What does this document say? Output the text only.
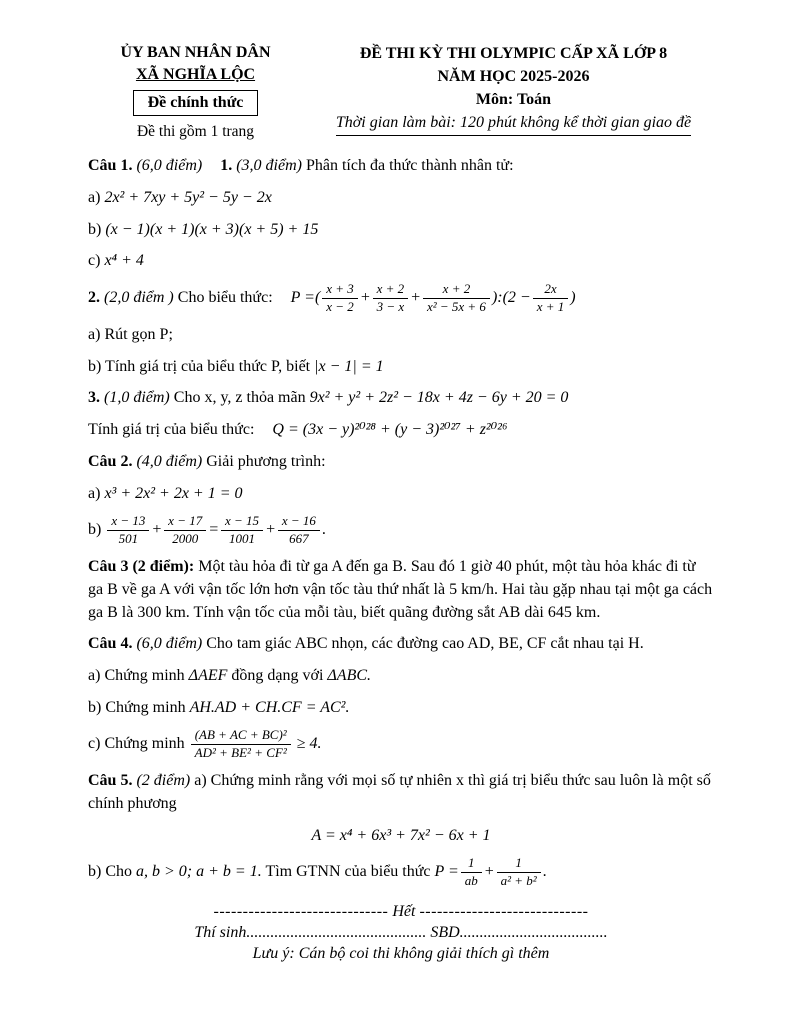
ỦY BAN NHÂN DÂN
XÃ NGHĨA LỘC
Đề chính thức
Đề thi gồm 1 trang
ĐỀ THI KỲ THI OLYMPIC CẤP XÃ LỚP 8
NĂM HỌC 2025-2026
Môn: Toán
Thời gian làm bài: 120 phút không kể thời gian giao đề

Câu 1. (6,0 điểm) 1. (3,0 điểm) Phân tích đa thức thành nhân tử:

a) 2x² + 7xy + 5y² − 5y − 2x

b) (x − 1)(x + 1)(x + 3)(x + 5) + 15

c) x⁴ + 4

2. (2,0 điểm ) Cho biểu thức: P =( $\frac{x + 3}{x - 2} + \frac{x + 2}{3 - x} + \frac{x + 2}{\text{x² − 5x + 6}}$ ):(2 − $\frac{2x}{x + 1}$ )

a) Rút gọn P;

b) Tính giá trị của biểu thức P, biết |x − 1| = 1

3. (1,0 điểm) Cho x, y, z thỏa mãn 9x² + y² + 2z² − 18x + 4z − 6y + 20 = 0

Tính giá trị của biểu thức: Q = (3x − y)²⁰²⁸ + (y − 3)²⁰²⁷ + z²⁰²⁶

Câu 2. (4,0 điểm) Giải phương trình:

a) x³ + 2x² + 2x + 1 = 0

$b) \frac{x - 13}{501} + \frac{x - 17}{2000} = \frac{x - 15}{1001} + \frac{x - 16}{667}$ .

Câu 3 (2 điểm): Một tàu hỏa đi từ ga A đến ga B. Sau đó 1 giờ 40 phút, một tàu hỏa khác đi từ ga B về ga A với vận tốc lớn hơn vận tốc tàu thứ nhất là 5 km/h. Hai tàu gặp nhau tại một ga cách ga B là 300 km. Tính vận tốc của mỗi tàu, biết quãng đường sắt AB dài 645 km.

Câu 4. (6,0 điểm) Cho tam giác ABC nhọn, các đường cao AD, BE, CF cắt nhau tại H.

a) Chứng minh ΔAEF đồng dạng với ΔABC.

b) Chứng minh AH.AD + CH.CF = AC².

c) Chứng minh $\frac{\text{(AB + AC + BC)²}}{\text{AD² + BE² + CF²}} \ge 4$.

Câu 5. (2 điểm) a) Chứng minh rằng với mọi số tự nhiên x thì giá trị biểu thức sau luôn là một số chính phương

A = x⁴ + 6x³ + 7x² − 6x + 1

b) Cho a, b > 0; a + b = 1. Tìm GTNN của biểu thức $P = \frac{1}{ab} + \frac{1}{\text{a² + b²}}$ .

------------------------------ Hết -----------------------------

Thí sinh............................................. SBD.....................................

Lưu ý: Cán bộ coi thi không giải thích gì thêm
